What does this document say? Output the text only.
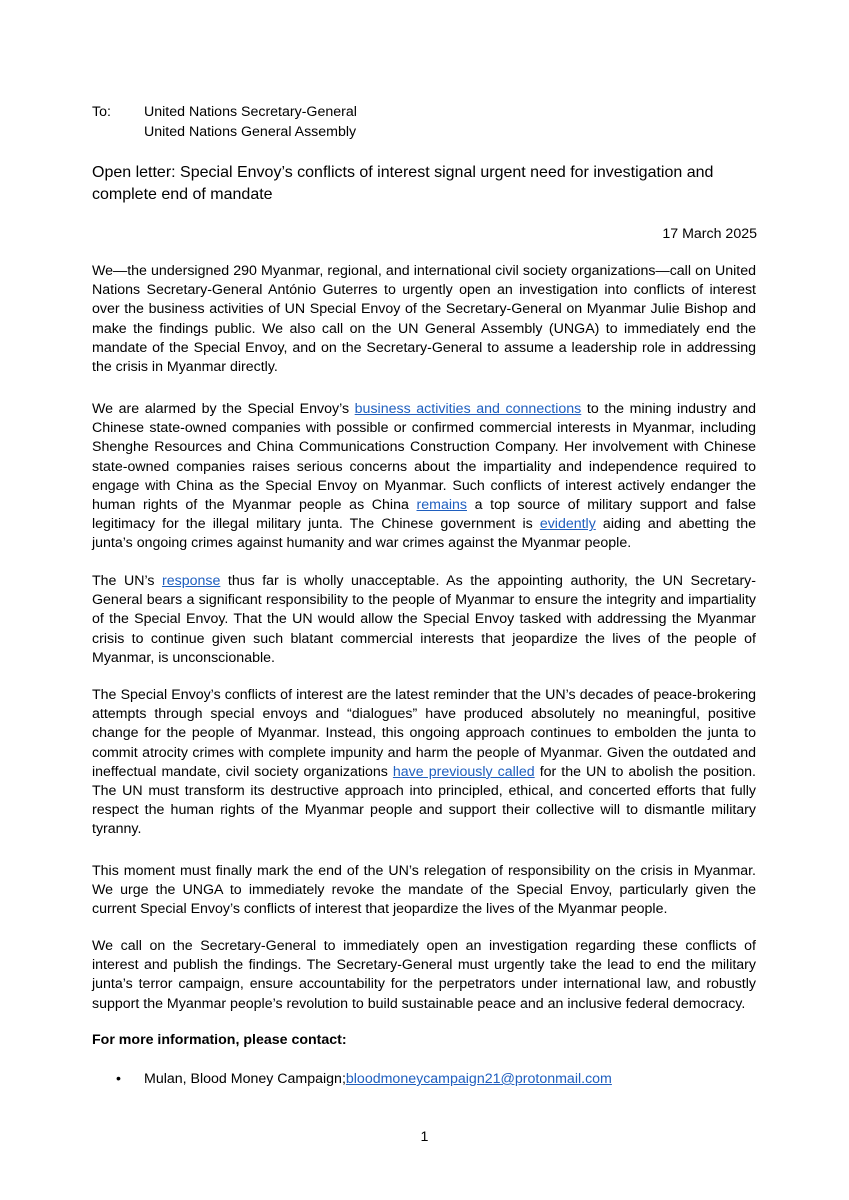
To:	United Nations Secretary-General
United Nations General Assembly
Open letter: Special Envoy’s conflicts of interest signal urgent need for investigation and complete end of mandate
17 March 2025

We—the undersigned 290 Myanmar, regional, and international civil society organizations—call on United Nations Secretary-General António Guterres to urgently open an investigation into conflicts of interest over the business activities of UN Special Envoy of the Secretary-General on Myanmar Julie Bishop and make the findings public. We also call on the UN General Assembly (UNGA) to immediately end the mandate of the Special Envoy, and on the Secretary-General to assume a leadership role in addressing the crisis in Myanmar directly.

We are alarmed by the Special Envoy’s business activities and connections to the mining industry and Chinese state-owned companies with possible or confirmed commercial interests in Myanmar, including Shenghe Resources and China Communications Construction Company. Her involvement with Chinese state-owned companies raises serious concerns about the impartiality and independence required to engage with China as the Special Envoy on Myanmar. Such conflicts of interest actively endanger the human rights of the Myanmar people as China remains a top source of military support and false legitimacy for the illegal military junta. The Chinese government is evidently aiding and abetting the junta’s ongoing crimes against humanity and war crimes against the Myanmar people.

The UN’s response thus far is wholly unacceptable. As the appointing authority, the UN Secretary-General bears a significant responsibility to the people of Myanmar to ensure the integrity and impartiality of the Special Envoy. That the UN would allow the Special Envoy tasked with addressing the Myanmar crisis to continue given such blatant commercial interests that jeopardize the lives of the people of Myanmar, is unconscionable.

The Special Envoy’s conflicts of interest are the latest reminder that the UN’s decades of peace-brokering attempts through special envoys and “dialogues” have produced absolutely no meaningful, positive change for the people of Myanmar. Instead, this ongoing approach continues to embolden the junta to commit atrocity crimes with complete impunity and harm the people of Myanmar. Given the outdated and ineffectual mandate, civil society organizations have previously called for the UN to abolish the position. The UN must transform its destructive approach into principled, ethical, and concerted efforts that fully respect the human rights of the Myanmar people and support their collective will to dismantle military tyranny.

This moment must finally mark the end of the UN’s relegation of responsibility on the crisis in Myanmar. We urge the UNGA to immediately revoke the mandate of the Special Envoy, particularly given the current Special Envoy’s conflicts of interest that jeopardize the lives of the Myanmar people.

We call on the Secretary-General to immediately open an investigation regarding these conflicts of interest and publish the findings. The Secretary-General must urgently take the lead to end the military junta’s terror campaign, ensure accountability for the perpetrators under international law, and robustly support the Myanmar people’s revolution to build sustainable peace and an inclusive federal democracy.

For more information, please contact:
•	Mulan, Blood Money Campaign; bloodmoneycampaign21@protonmail.com
1
